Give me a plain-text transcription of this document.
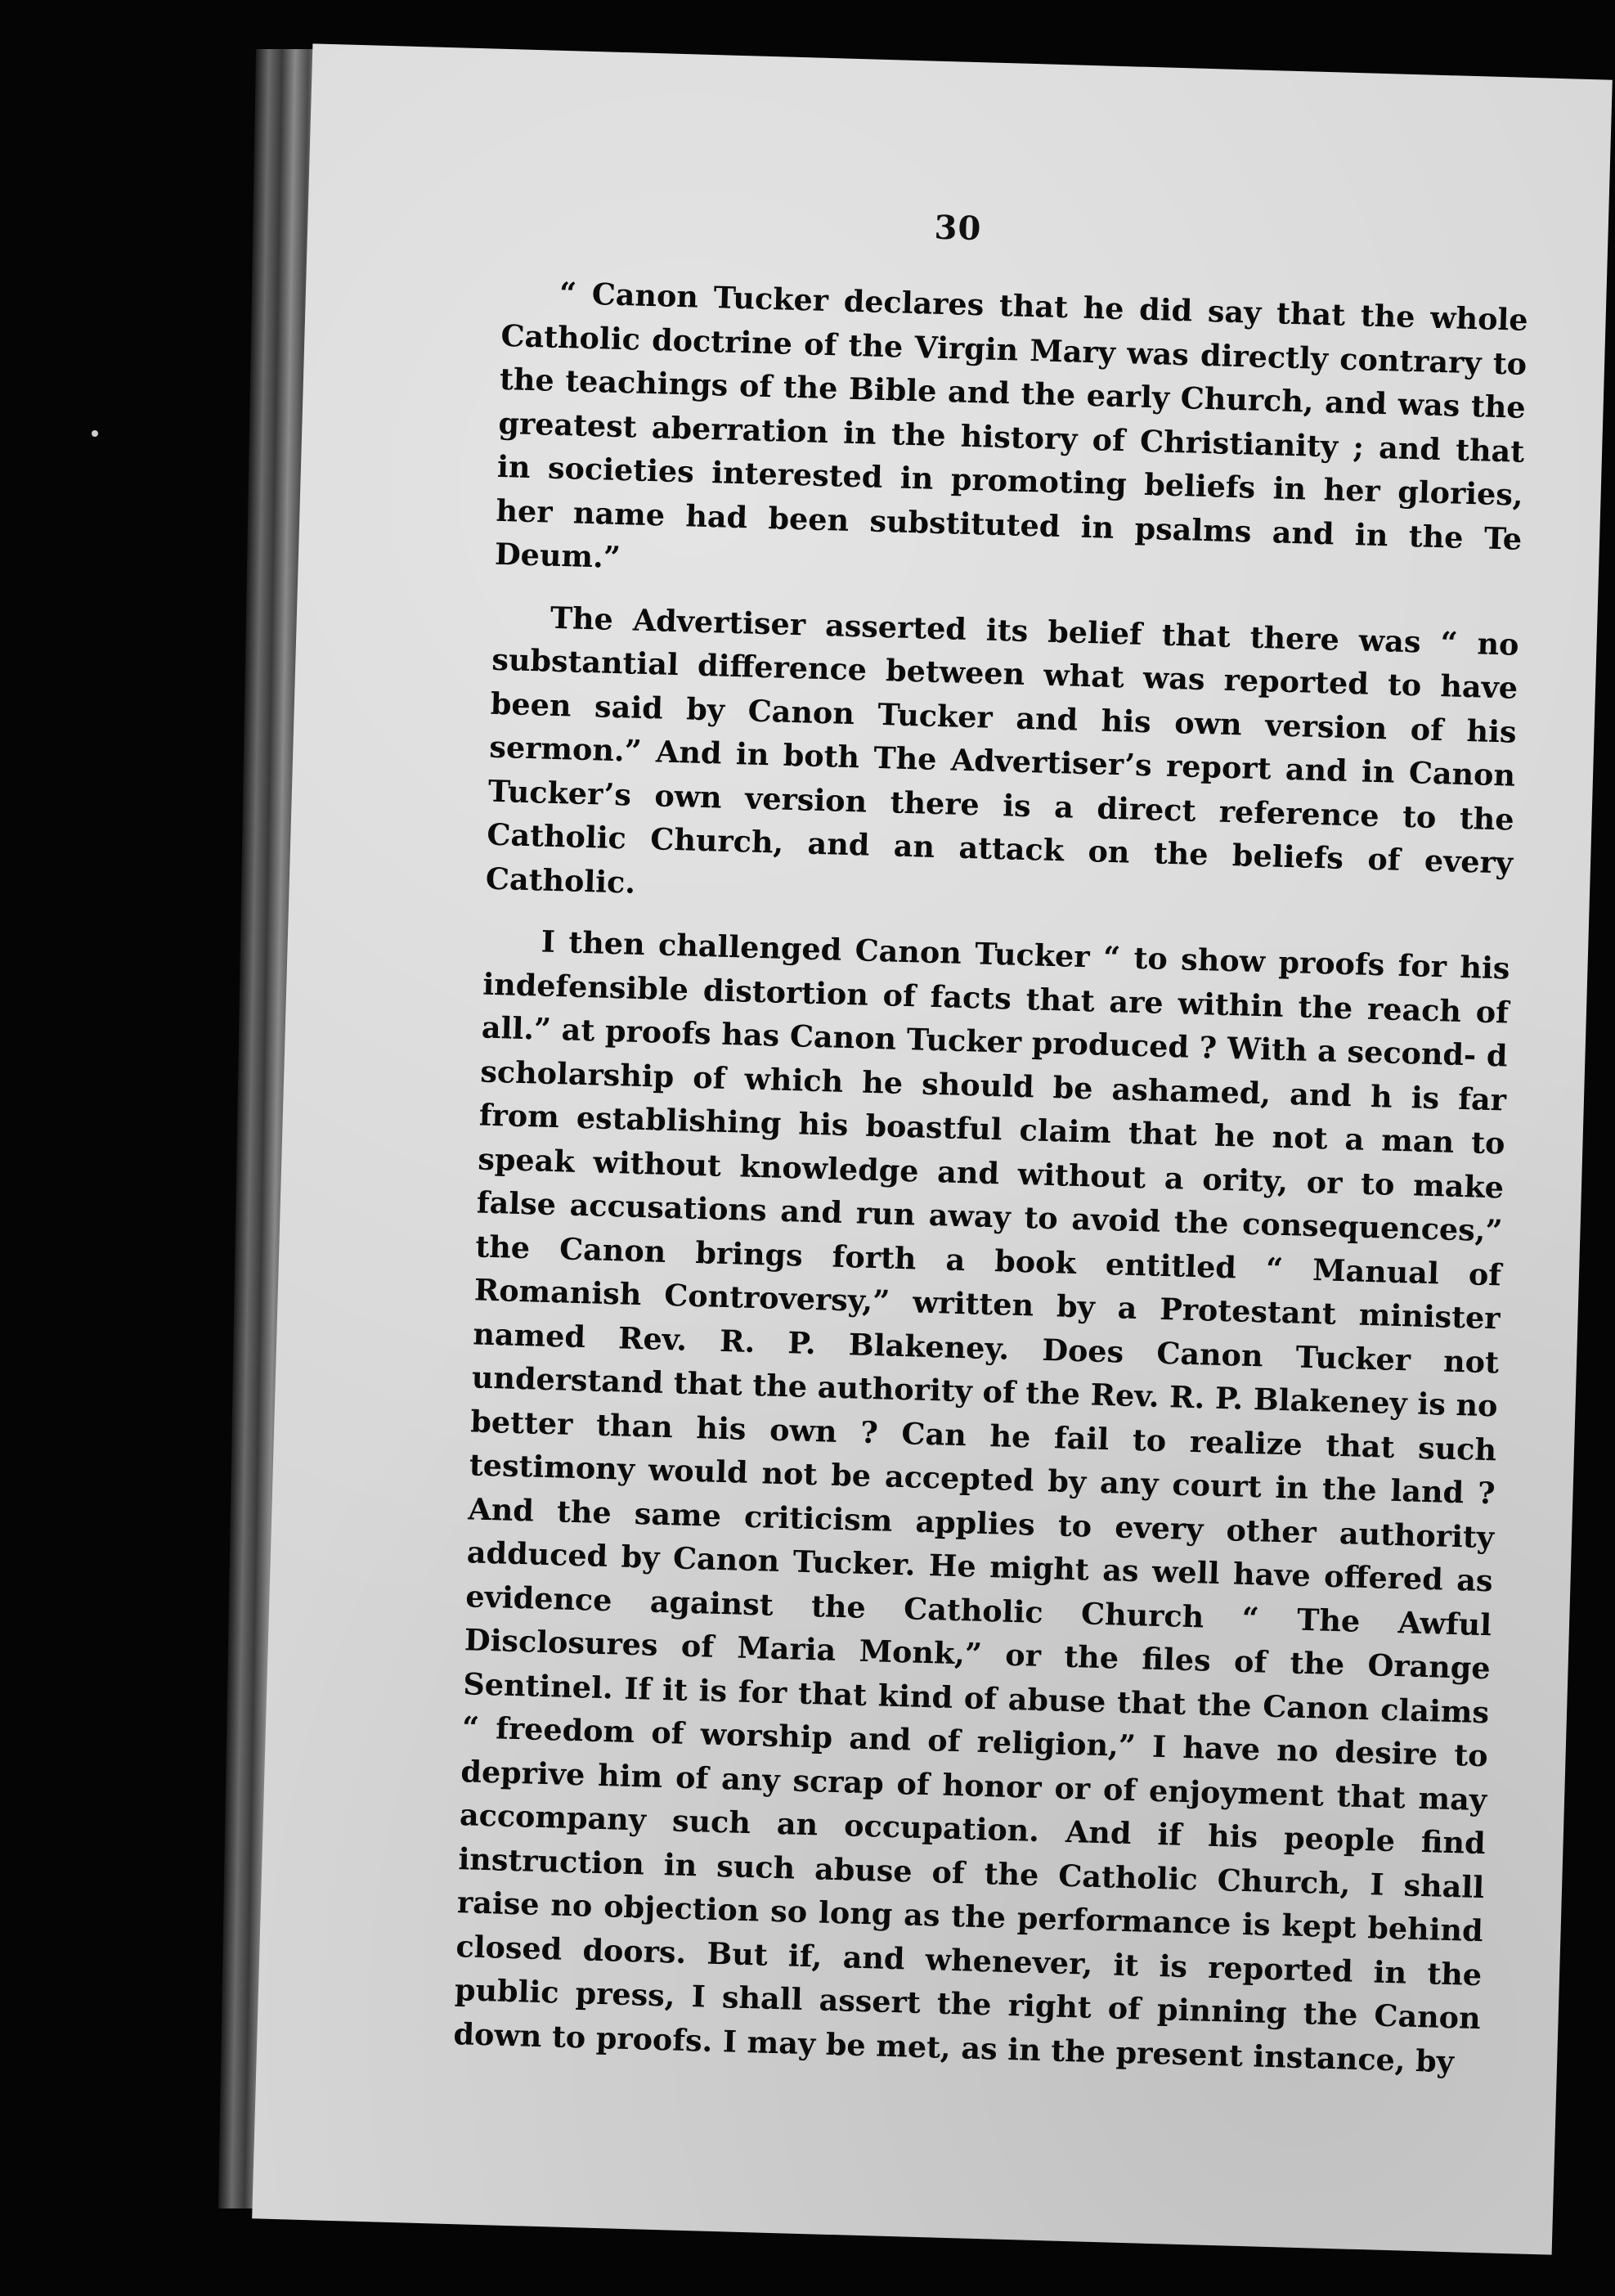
30

“ Canon Tucker declares that he did say that the whole Catholic doctrine of the Virgin Mary was directly contrary to the teachings of the Bible and the early Church, and was the greatest aberration in the history of Christianity ; and that in societies interested in promoting beliefs in her glories, her name had been substituted in psalms and in the Te Deum.”

The Advertiser asserted its belief that there was “ no substantial difference between what was reported to have been said by Canon Tucker and his own version of his sermon.” And in both The Advertiser’s report and in Canon Tucker’s own version there is a direct reference to the Catholic Church, and an attack on the beliefs of every Catholic.

I then challenged Canon Tucker “ to show proofs for his indefensible distortion of facts that are within the reach of all.” at proofs has Canon Tucker produced ? With a second- d scholarship of which he should be ashamed, and h is far from establishing his boastful claim that he not a man to speak without knowledge and without a ority, or to make false accusations and run away to avoid the consequences,” the Canon brings forth a book entitled “ Manual of Romanish Controversy,” written by a Protestant minister named Rev. R. P. Blakeney. Does Canon Tucker not understand that the authority of the Rev. R. P. Blakeney is no better than his own ? Can he fail to realize that such testimony would not be accepted by any court in the land ? And the same criticism applies to every other authority adduced by Canon Tucker. He might as well have offered as evidence against the Catholic Church “ The Awful Disclosures of Maria Monk,” or the files of the Orange Sentinel. If it is for that kind of abuse that the Canon claims “ freedom of worship and of religion,” I have no desire to deprive him of any scrap of honor or of enjoyment that may accompany such an occupation. And if his people find instruction in such abuse of the Catholic Church, I shall raise no objection so long as the performance is kept behind closed doors. But if, and whenever, it is reported in the public press, I shall assert the right of pinning the Canon down to proofs. I may be met, as in the present instance, by
